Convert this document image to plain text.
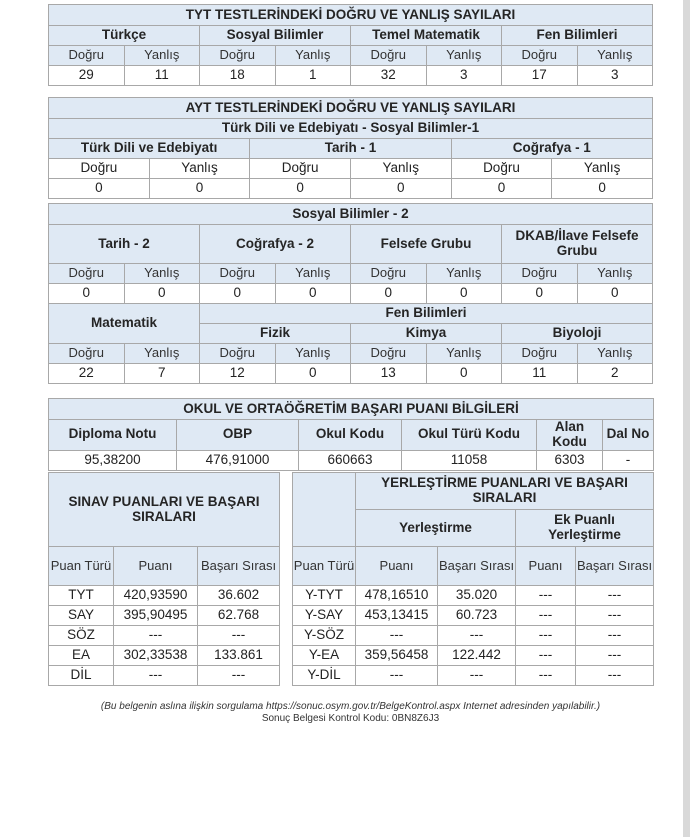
TYT TESTLERİNDEKİ DOĞRU VE YANLIŞ SAYILARI							
Türkçe		Sosyal Bilimler		Temel Matematik		Fen Bilimleri	
Doğru	Yanlış	Doğru	Yanlış	Doğru	Yanlış	Doğru	Yanlış
29	11	18	1	32	3	17	3
AYT TESTLERİNDEKİ DOĞRU VE YANLIŞ SAYILARI					
Türk Dili ve Edebiyatı - Sosyal Bilimler-1					
Türk Dili ve Edebiyatı		Tarih - 1		Coğrafya - 1	
Doğru	Yanlış	Doğru	Yanlış	Doğru	Yanlış
0	0	0	0	0	0
Sosyal Bilimler - 2							
Tarih - 2		Coğrafya - 2		Felsefe Grubu		DKAB/İlave Felsefe Grubu	
Doğru	Yanlış	Doğru	Yanlış	Doğru	Yanlış	Doğru	Yanlış
0	0	0	0	0	0	0	0
Matematik		Fen Bilimleri					
		Fizik		Kimya		Biyoloji	
Doğru	Yanlış	Doğru	Yanlış	Doğru	Yanlış	Doğru	Yanlış
22	7	12	0	13	0	11	2
OKUL VE ORTAÖĞRETİM BAŞARI PUANI BİLGİLERİ					
Diploma Notu	OBP	Okul Kodu	Okul Türü Kodu	Alan Kodu	Dal No
95,38200	476,91000	660663	11058	6303	-
SINAV PUANLARI VE BAŞARI SIRALARI					YERLEŞTİRME PUANLARI VE BAŞARI SIRALARI			
					Yerleştirme		Ek Puanlı Yerleştirme	
Puan Türü	Puanı	Başarı Sırası		Puan Türü	Puanı	Başarı Sırası	Puanı	Başarı Sırası
TYT	420,93590	36.602		Y-TYT	478,16510	35.020	---	---
SAY	395,90495	62.768		Y-SAY	453,13415	60.723	---	---
SÖZ	---	---		Y-SÖZ	---	---	---	---
EA	302,33538	133.861		Y-EA	359,56458	122.442	---	---
DİL	---	---		Y-DİL	---	---	---	---
(Bu belgenin aslına ilişkin sorgulama https://sonuc.osym.gov.tr/BelgeKontrol.aspx Internet adresinden yapılabilir.)
Sonuç Belgesi Kontrol Kodu: 0BN8Z6J3
